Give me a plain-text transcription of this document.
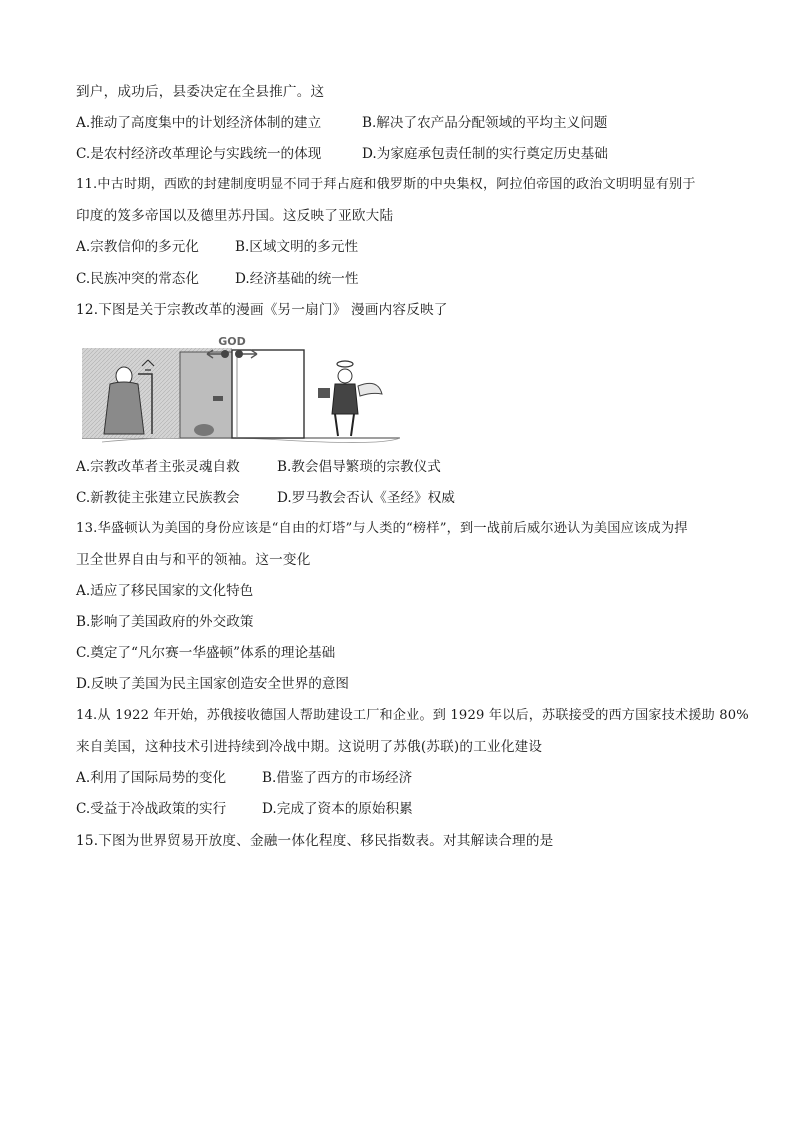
到户，成功后，县委决定在全县推广。这
A.推动了高度集中的计划经济体制的建立	B.解决了农产品分配领域的平均主义问题
C.是农村经济改革理论与实践统一的体现	D.为家庭承包责任制的实行奠定历史基础
11.中古时期，西欧的封建制度明显不同于拜占庭和俄罗斯的中央集权，阿拉伯帝国的政治文明明显有别于
印度的笈多帝国以及德里苏丹国。这反映了亚欧大陆
A.宗教信仰的多元化	B.区域文明的多元性
C.民族冲突的常态化	D.经济基础的统一性
12.下图是关于宗教改革的漫画《另一扇门》 漫画内容反映了
GOD
A.宗教改革者主张灵魂自救	B.教会倡导繁琐的宗教仪式
C.新教徒主张建立民族教会	D.罗马教会否认《圣经》权威
13.华盛顿认为美国的身份应该是“自由的灯塔”与人类的“榜样”，到一战前后威尔逊认为美国应该成为捍
卫全世界自由与和平的领袖。这一变化
A.适应了移民国家的文化特色
B.影响了美国政府的外交政策
C.奠定了“凡尔赛一华盛顿”体系的理论基础
D.反映了美国为民主国家创造安全世界的意图
14.从 1922 年开始，苏俄接收德国人帮助建设工厂和企业。到 1929 年以后，苏联接受的西方国家技术援助 80%
来自美国，这种技术引进持续到冷战中期。这说明了苏俄(苏联)的工业化建设
A.利用了国际局势的变化	B.借鉴了西方的市场经济
C.受益于冷战政策的实行	D.完成了资本的原始积累
15.下图为世界贸易开放度、金融一体化程度、移民指数表。对其解读合理的是
